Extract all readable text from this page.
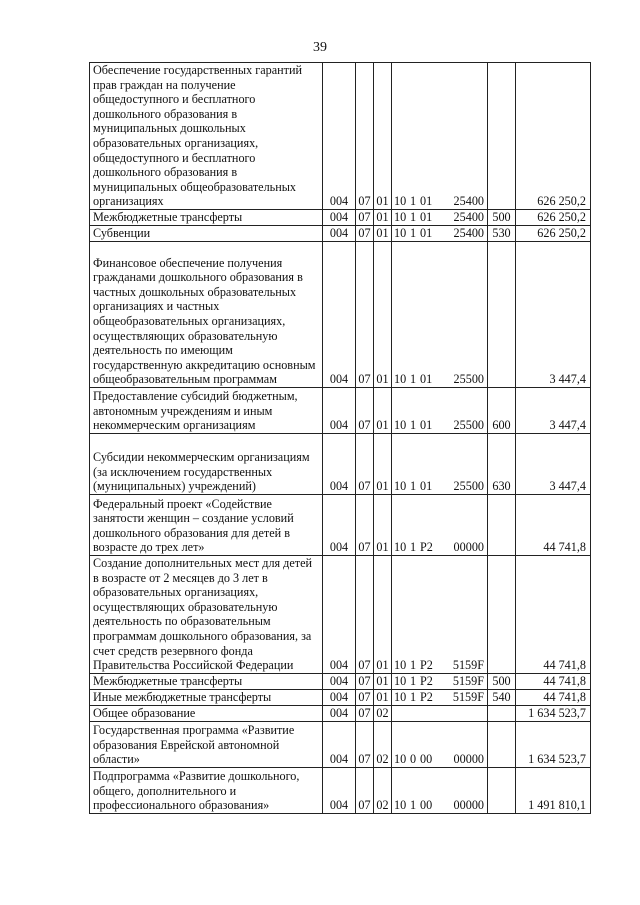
39
Обеспечение государственных гарантий прав граждан на получение общедоступного и бесплатного дошкольного образования в муниципальных дошкольных образовательных организациях, общедоступного и бесплатного дошкольного образования в муниципальных общеобразовательных организациях	004	07	01	10 1 01 25400		626 250,2
Межбюджетные трансферты	004	07	01	10 1 01 25400	500	626 250,2
Субвенции	004	07	01	10 1 01 25400	530	626 250,2
Финансовое обеспечение получения гражданами дошкольного образования в частных дошкольных образовательных организациях и частных общеобразовательных организациях, осуществляющих образовательную деятельность по имеющим государственную аккредитацию основным общеобразовательным программам	004	07	01	10 1 01 25500		3 447,4
Предоставление субсидий бюджетным, автономным учреждениям и иным некоммерческим организациям	004	07	01	10 1 01 25500	600	3 447,4
Субсидии некоммерческим организациям (за исключением государственных (муниципальных) учреждений)	004	07	01	10 1 01 25500	630	3 447,4
Федеральный проект «Содействие занятости женщин – создание условий дошкольного образования для детей в возрасте до трех лет»	004	07	01	10 1 P2 00000		44 741,8
Создание дополнительных мест для детей в возрасте от 2 месяцев до 3 лет в образовательных организациях, осуществляющих образовательную деятельность по образовательным программам дошкольного образования, за счет средств резервного фонда Правительства Российской Федерации	004	07	01	10 1 P2 5159F		44 741,8
Межбюджетные трансферты	004	07	01	10 1 P2 5159F	500	44 741,8
Иные межбюджетные трансферты	004	07	01	10 1 P2 5159F	540	44 741,8
Общее образование	004	07	02			1 634 523,7
Государственная программа «Развитие образования Еврейской автономной области»	004	07	02	10 0 00 00000		1 634 523,7
Подпрограмма «Развитие дошкольного, общего, дополнительного и профессионального образования»	004	07	02	10 1 00 00000		1 491 810,1
